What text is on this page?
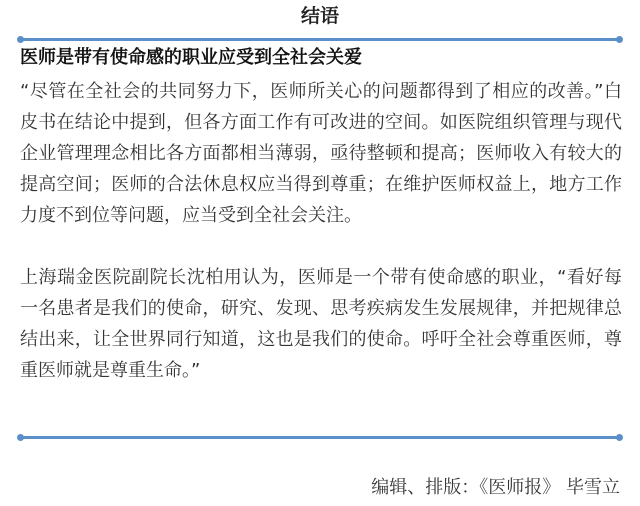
结语
医师是带有使命感的职业应受到全社会关爱

“尽管在全社会的共同努力下，医师所关心的问题都得到了相应的改善。”白皮书在结论中提到，但各方面工作有可改进的空间。如医院组织管理与现代企业管理理念相比各方面都相当薄弱，亟待整顿和提高；医师收入有较大的提高空间；医师的合法休息权应当得到尊重；在维护医师权益上，地方工作力度不到位等问题，应当受到全社会关注。

上海瑞金医院副院长沈柏用认为，医师是一个带有使命感的职业，“看好每一名患者是我们的使命，研究、发现、思考疾病发生发展规律，并把规律总结出来，让全世界同行知道，这也是我们的使命。呼吁全社会尊重医师，尊重医师就是尊重生命。”

编辑、排版：《医师报》 毕雪立
